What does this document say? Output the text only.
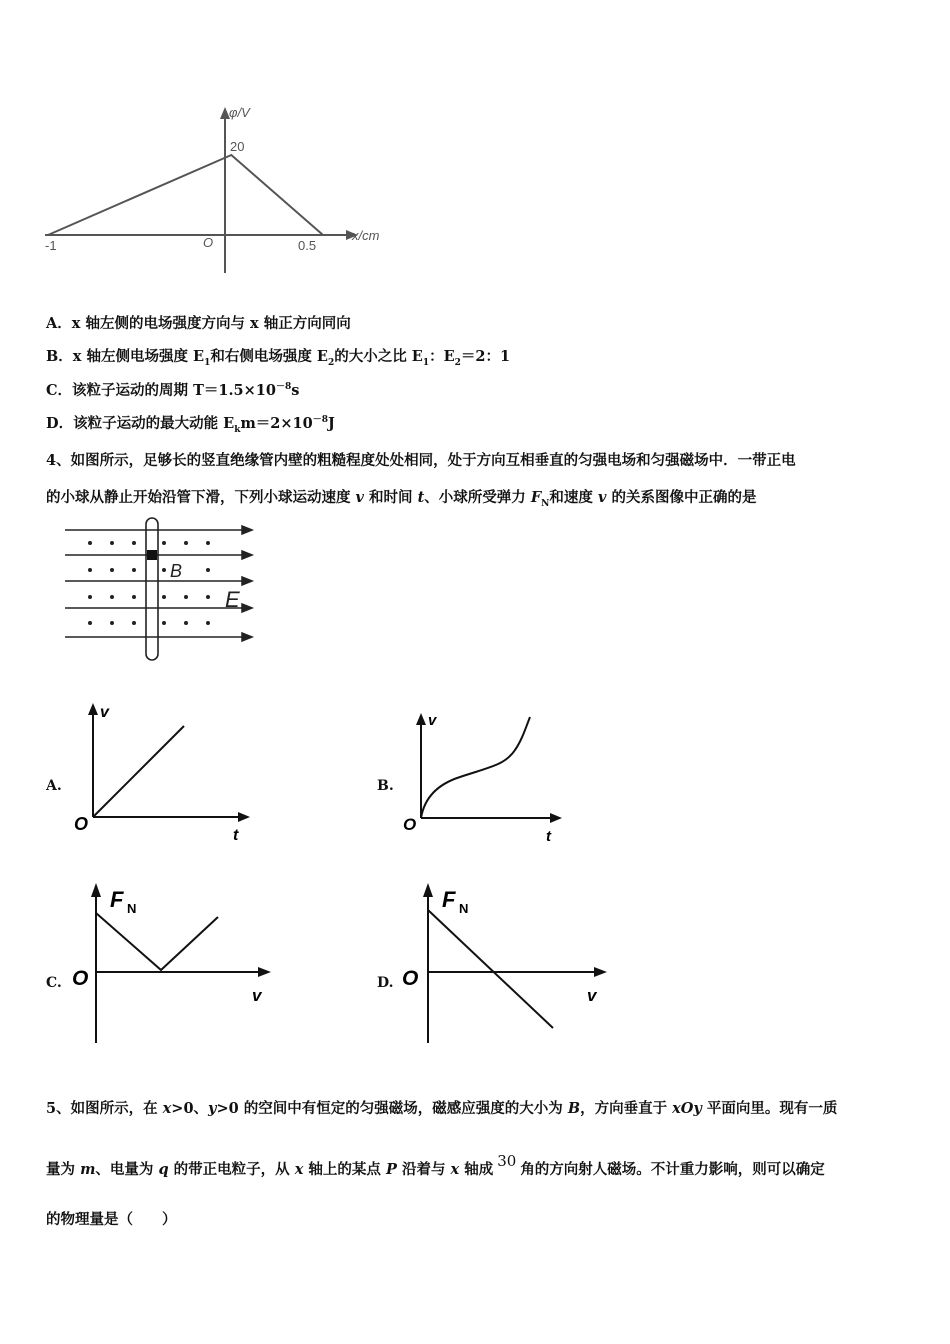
φ/V
20
O
-1	0.5
x/cm
A．x 轴左侧的电场强度方向与 x 轴正方向同向
B．x 轴左侧电场强度 $E_1$和右侧电场强度 $E_2$的大小之比 $E_1$：$E_2=2$：1
C．该粒子运动的周期 $T=1.5\times 10^{-8}s$
D．该粒子运动的最大动能 $E_km=2\times 10^{-8}J$
4、如图所示，足够长的竖直绝缘管内壁的粗糙程度处处相同，处于方向互相垂直的匀强电场和匀强磁场中．一带正电
的小球从静止开始沿管下滑，下列小球运动速度 v 和时间 t、小球所受弹力 $F_N$和速度 v 的关系图像中正确的是
B
E
A.
v
O
t
B.
v
O
t
C.
F N
O
v
D.
F N
O
v
5、如图所示，在 x>0、y>0 的空间中有恒定的匀强磁场，磁感应强度的大小为 B，方向垂直于 xOy 平面向里。现有一质
量为 m、电量为 q 的带正电粒子，从 x 轴上的某点 P 沿着与 x 轴成 30 角的方向射人磁场。不计重力影响，则可以确定
的物理量是（　　）
